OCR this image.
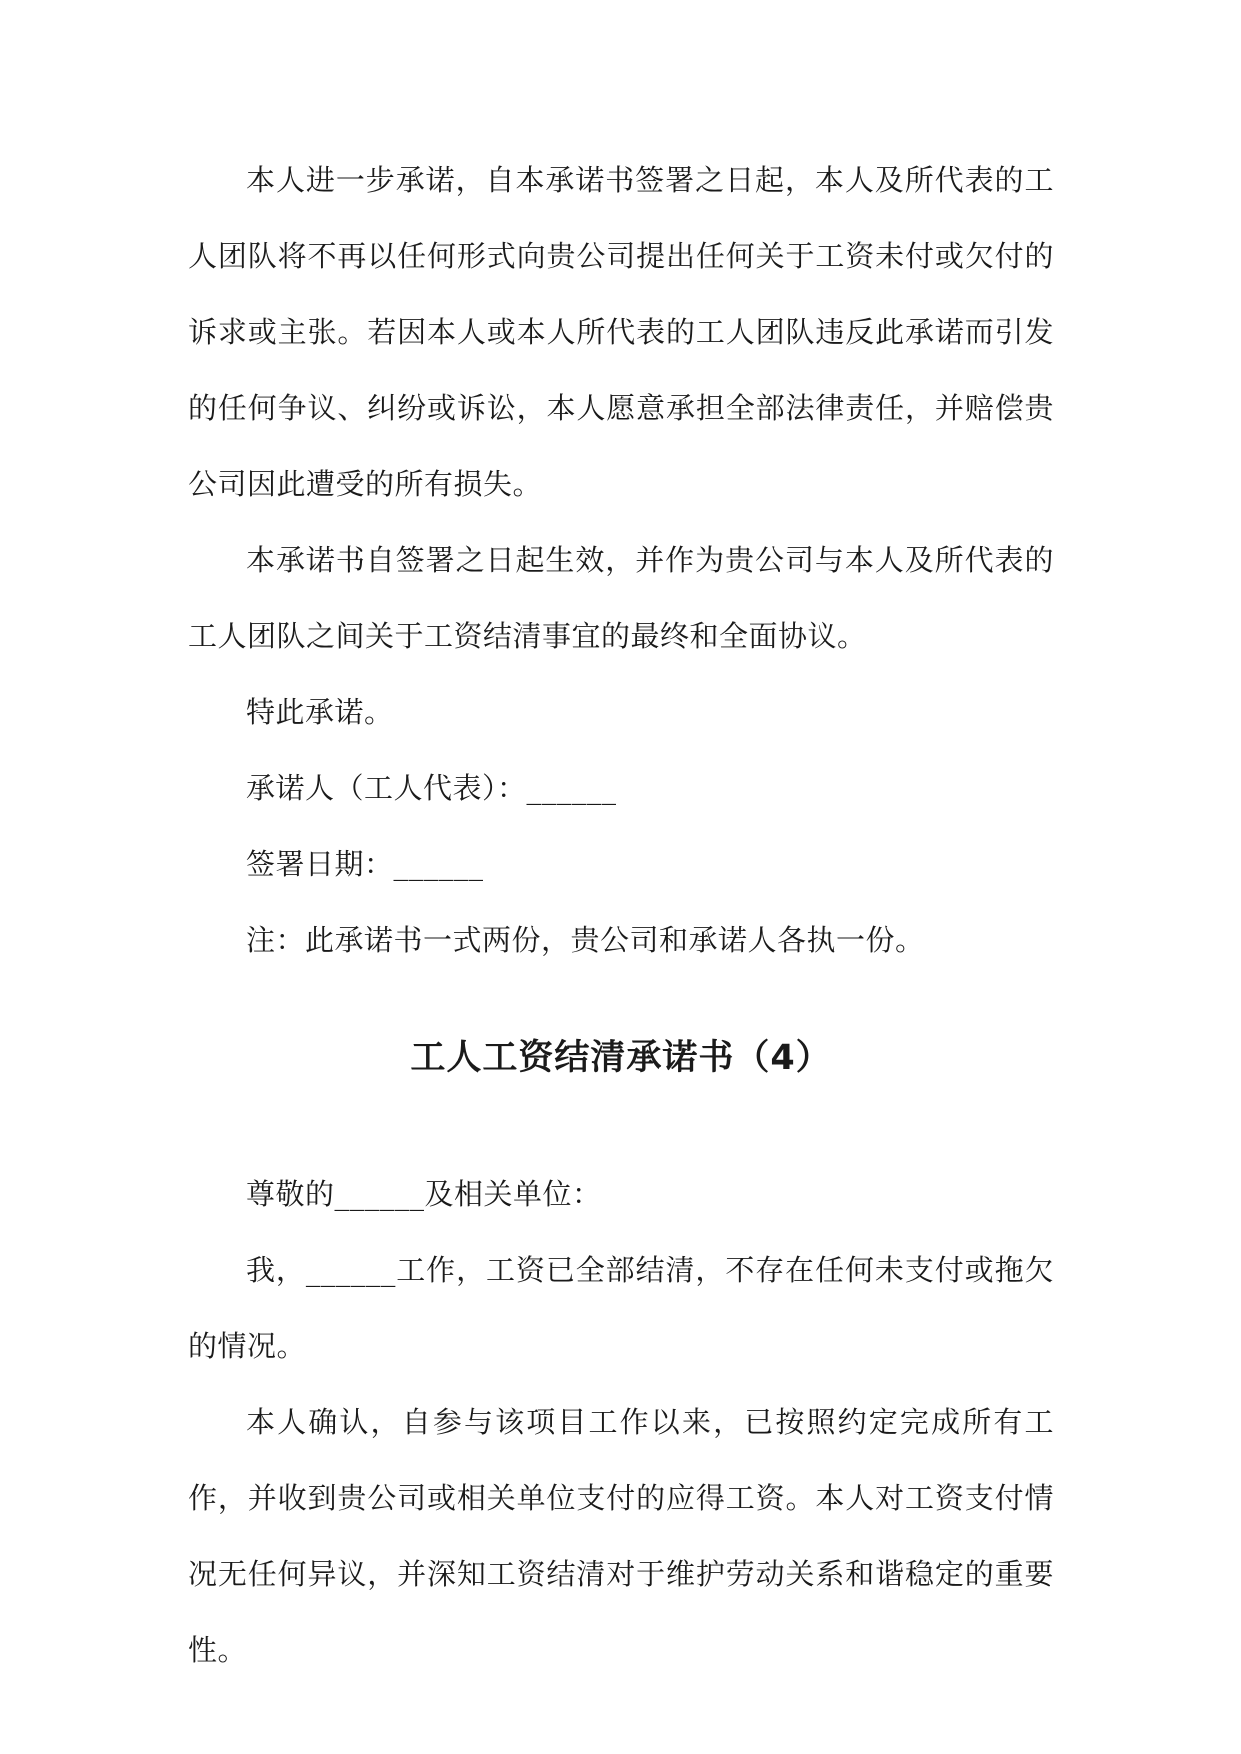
本人进一步承诺，自本承诺书签署之日起，本人及所代表的工人团队将不再以任何形式向贵公司提出任何关于工资未付或欠付的诉求或主张。若因本人或本人所代表的工人团队违反此承诺而引发的任何争议、纠纷或诉讼，本人愿意承担全部法律责任，并赔偿贵公司因此遭受的所有损失。

本承诺书自签署之日起生效，并作为贵公司与本人及所代表的工人团队之间关于工资结清事宜的最终和全面协议。

特此承诺。

承诺人（工人代表）：______

签署日期：______

注：此承诺书一式两份，贵公司和承诺人各执一份。

工人工资结清承诺书（4）

尊敬的______及相关单位：

我，______工作，工资已全部结清，不存在任何未支付或拖欠的情况。

本人确认，自参与该项目工作以来，已按照约定完成所有工作，并收到贵公司或相关单位支付的应得工资。本人对工资支付情况无任何异议，并深知工资结清对于维护劳动关系和谐稳定的重要性。
